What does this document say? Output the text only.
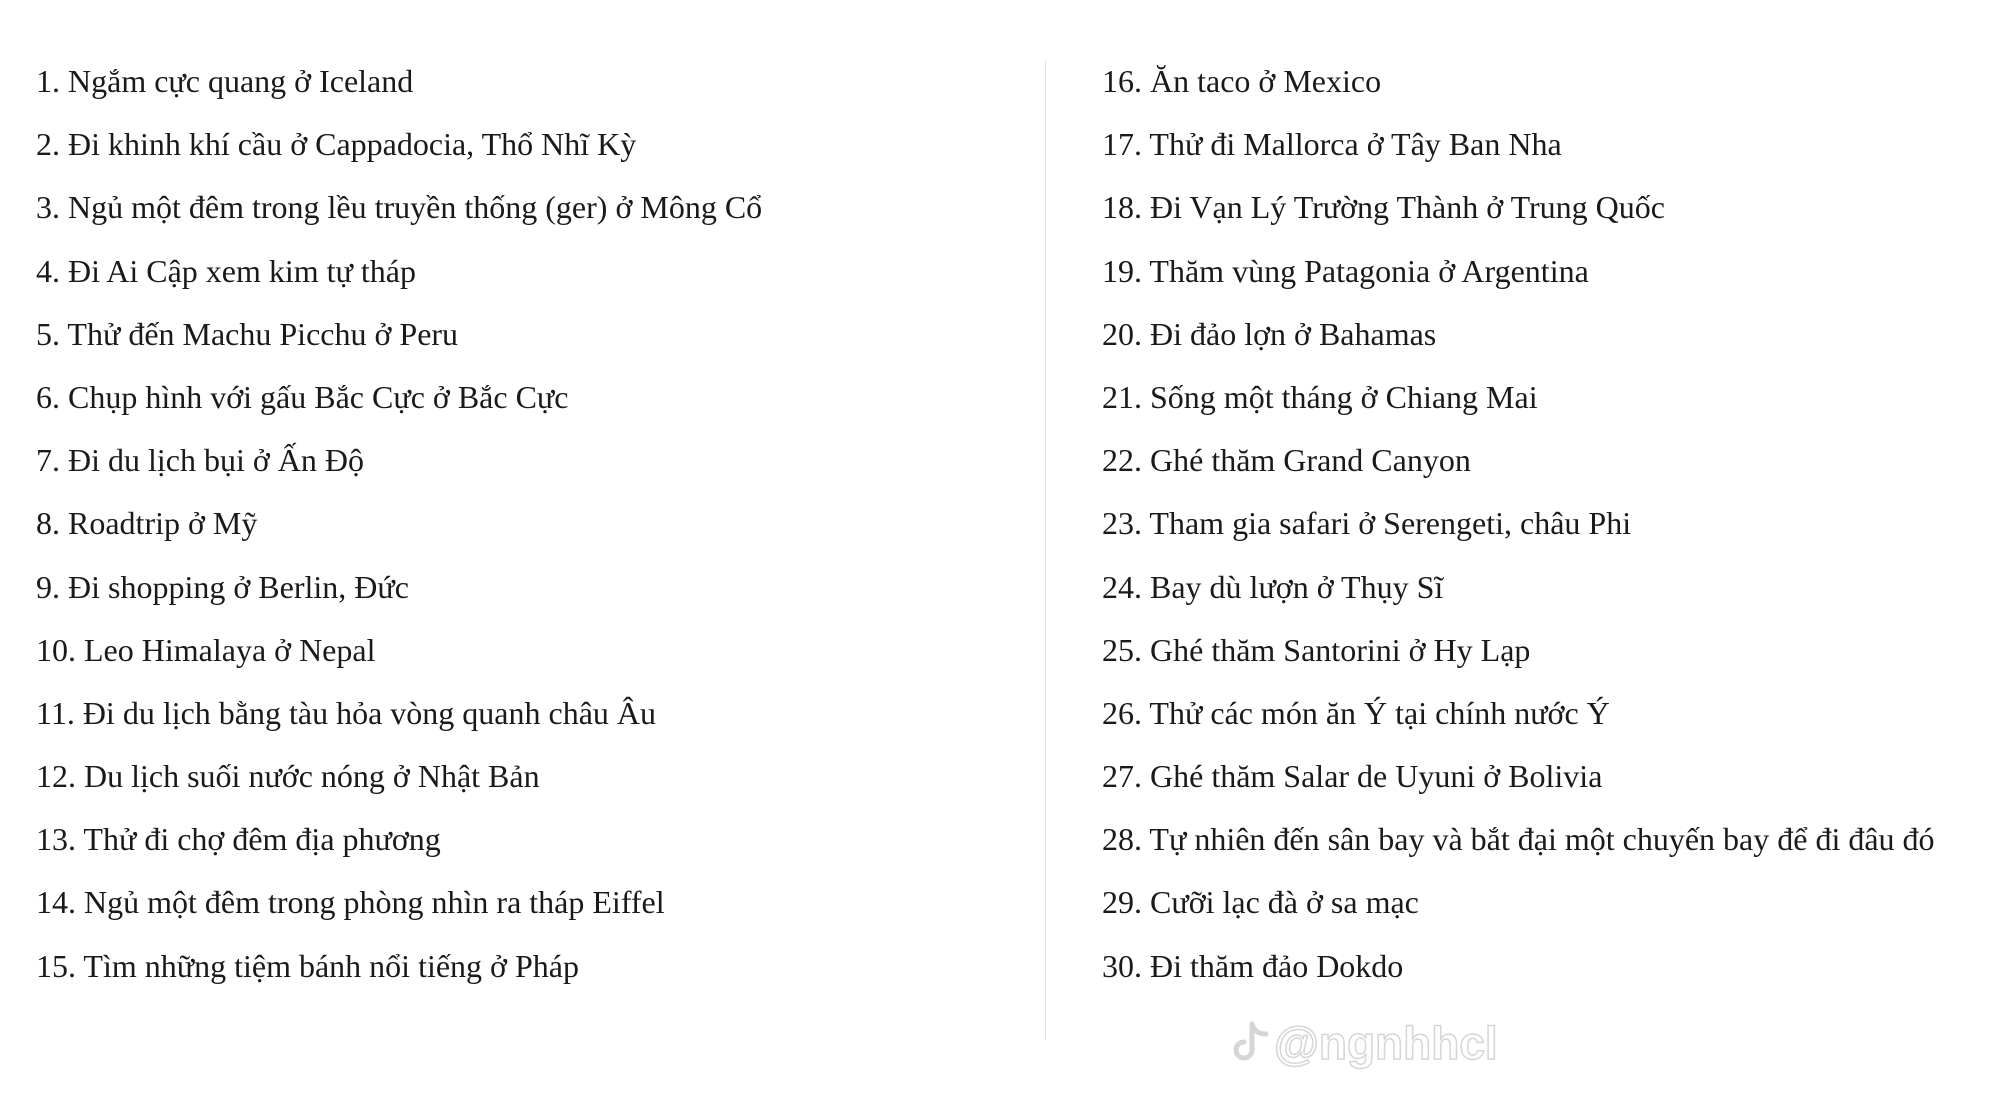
1. Ngắm cực quang ở Iceland
2. Đi khinh khí cầu ở Cappadocia, Thổ Nhĩ Kỳ
3. Ngủ một đêm trong lều truyền thống (ger) ở Mông Cổ
4. Đi Ai Cập xem kim tự tháp
5. Thử đến Machu Picchu ở Peru
6. Chụp hình với gấu Bắc Cực ở Bắc Cực
7. Đi du lịch bụi ở Ấn Độ
8. Roadtrip ở Mỹ
9. Đi shopping ở Berlin, Đức
10. Leo Himalaya ở Nepal
11. Đi du lịch bằng tàu hỏa vòng quanh châu Âu
12. Du lịch suối nước nóng ở Nhật Bản
13. Thử đi chợ đêm địa phương
14. Ngủ một đêm trong phòng nhìn ra tháp Eiffel
15. Tìm những tiệm bánh nổi tiếng ở Pháp
16. Ăn taco ở Mexico
17. Thử đi Mallorca ở Tây Ban Nha
18. Đi Vạn Lý Trường Thành ở Trung Quốc
19. Thăm vùng Patagonia ở Argentina
20. Đi đảo lợn ở Bahamas
21. Sống một tháng ở Chiang Mai
22. Ghé thăm Grand Canyon
23. Tham gia safari ở Serengeti, châu Phi
24. Bay dù lượn ở Thụy Sĩ
25. Ghé thăm Santorini ở Hy Lạp
26. Thử các món ăn Ý tại chính nước Ý
27. Ghé thăm Salar de Uyuni ở Bolivia
28. Tự nhiên đến sân bay và bắt đại một chuyến bay để đi đâu đó
29. Cưỡi lạc đà ở sa mạc
30. Đi thăm đảo Dokdo
@ngnhhcl
